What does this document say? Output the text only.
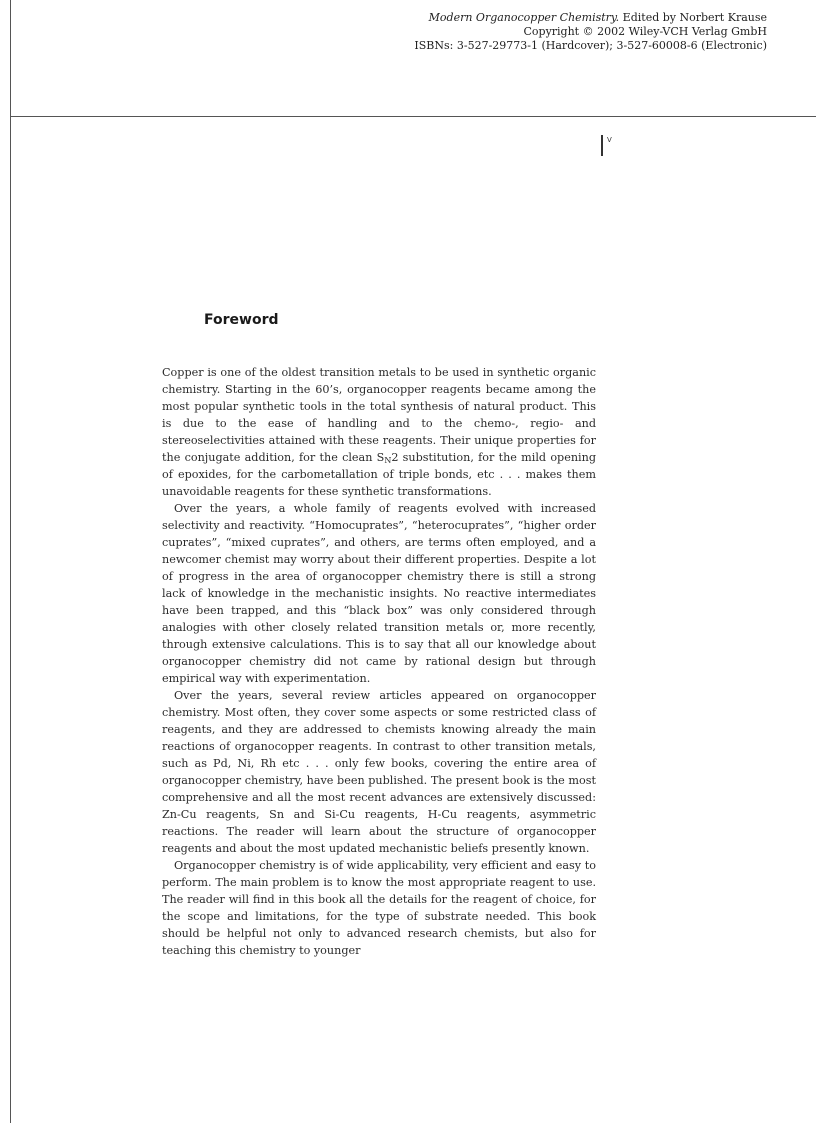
Modern Organocopper Chemistry. Edited by Norbert Krause
Copyright © 2002 Wiley-VCH Verlag GmbH
ISBNs: 3-527-29773-1 (Hardcover); 3-527-60008-6 (Electronic)
V
Foreword

Copper is one of the oldest transition metals to be used in synthetic organic chemistry. Starting in the 60’s, organocopper reagents became among the most popular synthetic tools in the total synthesis of natural product. This is due to the ease of handling and to the chemo-, regio- and stereoselectivities attained with these reagents. Their unique properties for the conjugate addition, for the clean $S_N2$ substitution, for the mild opening of epoxides, for the carbometallation of triple bonds, etc . . . makes them unavoidable reagents for these synthetic transformations.

Over the years, a whole family of reagents evolved with increased selectivity and reactivity. “Homocuprates”, “heterocuprates”, “higher order cuprates”, “mixed cuprates”, and others, are terms often employed, and a newcomer chemist may worry about their different properties. Despite a lot of progress in the area of organocopper chemistry there is still a strong lack of knowledge in the mechanistic insights. No reactive intermediates have been trapped, and this “black box” was only considered through analogies with other closely related transition metals or, more recently, through extensive calculations. This is to say that all our knowledge about organocopper chemistry did not came by rational design but through empirical way with experimentation.

Over the years, several review articles appeared on organocopper chemistry. Most often, they cover some aspects or some restricted class of reagents, and they are addressed to chemists knowing already the main reactions of organocopper reagents. In contrast to other transition metals, such as Pd, Ni, Rh etc . . . only few books, covering the entire area of organocopper chemistry, have been published. The present book is the most comprehensive and all the most recent advances are extensively discussed: Zn-Cu reagents, Sn and Si-Cu reagents, H-Cu reagents, asymmetric reactions. The reader will learn about the structure of organocopper reagents and about the most updated mechanistic beliefs presently known.

Organocopper chemistry is of wide applicability, very efficient and easy to perform. The main problem is to know the most appropriate reagent to use. The reader will find in this book all the details for the reagent of choice, for the scope and limitations, for the type of substrate needed. This book should be helpful not only to advanced research chemists, but also for teaching this chemistry to younger
